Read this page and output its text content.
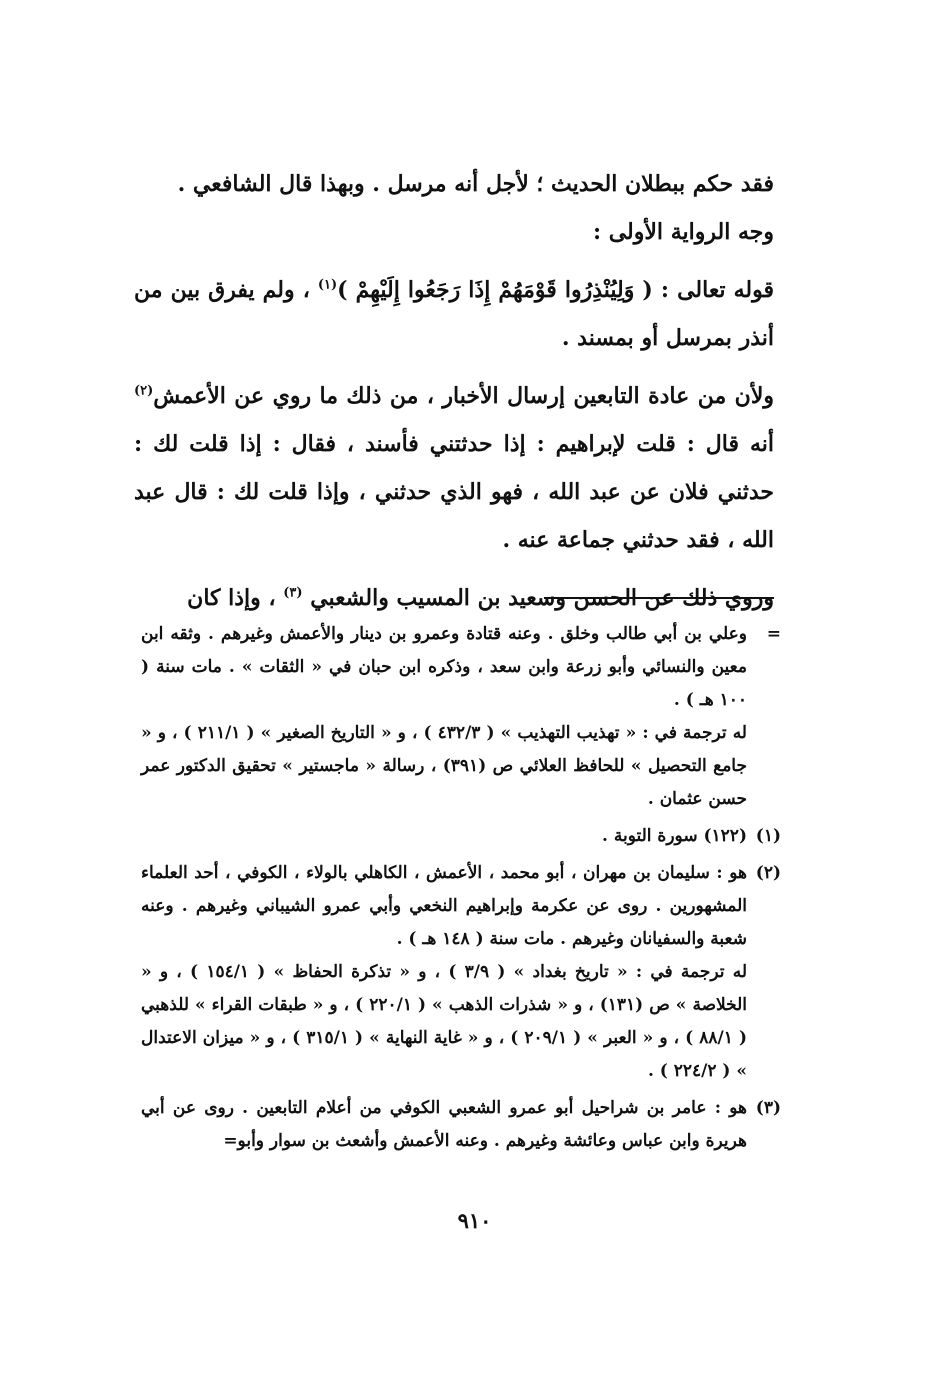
فقد حكم ببطلان الحديث ؛ لأجل أنه مرسل . وبهذا قال الشافعي .

وجه الرواية الأولى :

قوله تعالى : ( وَلِيُنْذِرُوا قَوْمَهُمْ إِذَا رَجَعُوا إِلَيْهِمْ )$^{(١)}$ ، ولم يفرق بين من أنذر بمرسل أو بمسند .

ولأن من عادة التابعين إرسال الأخبار ، من ذلك ما روي عن الأعمش$^{(٢)}$ أنه قال : قلت لإبراهيم : إذا حدثتني فأسند ، فقال : إذا قلت لك : حدثني فلان عن عبد الله ، فهو الذي حدثني ، وإذا قلت لك : قال عبد الله ، فقد حدثني جماعة عنه .

وروي ذلك عن الحسن وسعيد بن المسيب والشعبي $^{(٣)}$ ، وإذا كان

=

وعلي بن أبي طالب وخلق . وعنه قتادة وعمرو بن دينار والأعمش وغيرهم . وثقه ابن معين والنسائي وأبو زرعة وابن سعد ، وذكره ابن حبان في « الثقات » . مات سنة ( ١٠٠ هـ ) .

له ترجمة في : « تهذيب التهذيب » ( ٤٣٢/٣ ) ، و « التاريخ الصغير » ( ٢١١/١ ) ، و « جامع التحصيل » للحافظ العلائي ص (٣٩١) ، رسالة « ماجستير » تحقيق الدكتور عمر حسن عثمان .

(١)

(١٢٢) سورة التوبة .

(٢)

هو : سليمان بن مهران ، أبو محمد ، الأعمش ، الكاهلي بالولاء ، الكوفي ، أحد العلماء المشهورين . روى عن عكرمة وإبراهيم النخعي وأبي عمرو الشيباني وغيرهم . وعنه شعبة والسفيانان وغيرهم . مات سنة ( ١٤٨ هـ ) .

له ترجمة في : « تاريخ بغداد » ( ٣/٩ ) ، و « تذكرة الحفاظ » ( ١٥٤/١ ) ، و « الخلاصة » ص (١٣١) ، و « شذرات الذهب » ( ٢٢٠/١ ) ، و « طبقات القراء » للذهبي ( ٨٨/١ ) ، و « العبر » ( ٢٠٩/١ ) ، و « غاية النهاية » ( ٣١٥/١ ) ، و « ميزان الاعتدال » ( ٢٢٤/٢ ) .

(٣)

هو : عامر بن شراحيل أبو عمرو الشعبي الكوفي من أعلام التابعين . روى عن أبي هريرة وابن عباس وعائشة وغيرهم . وعنه الأعمش وأشعث بن سوار وأبو=

٩١٠
